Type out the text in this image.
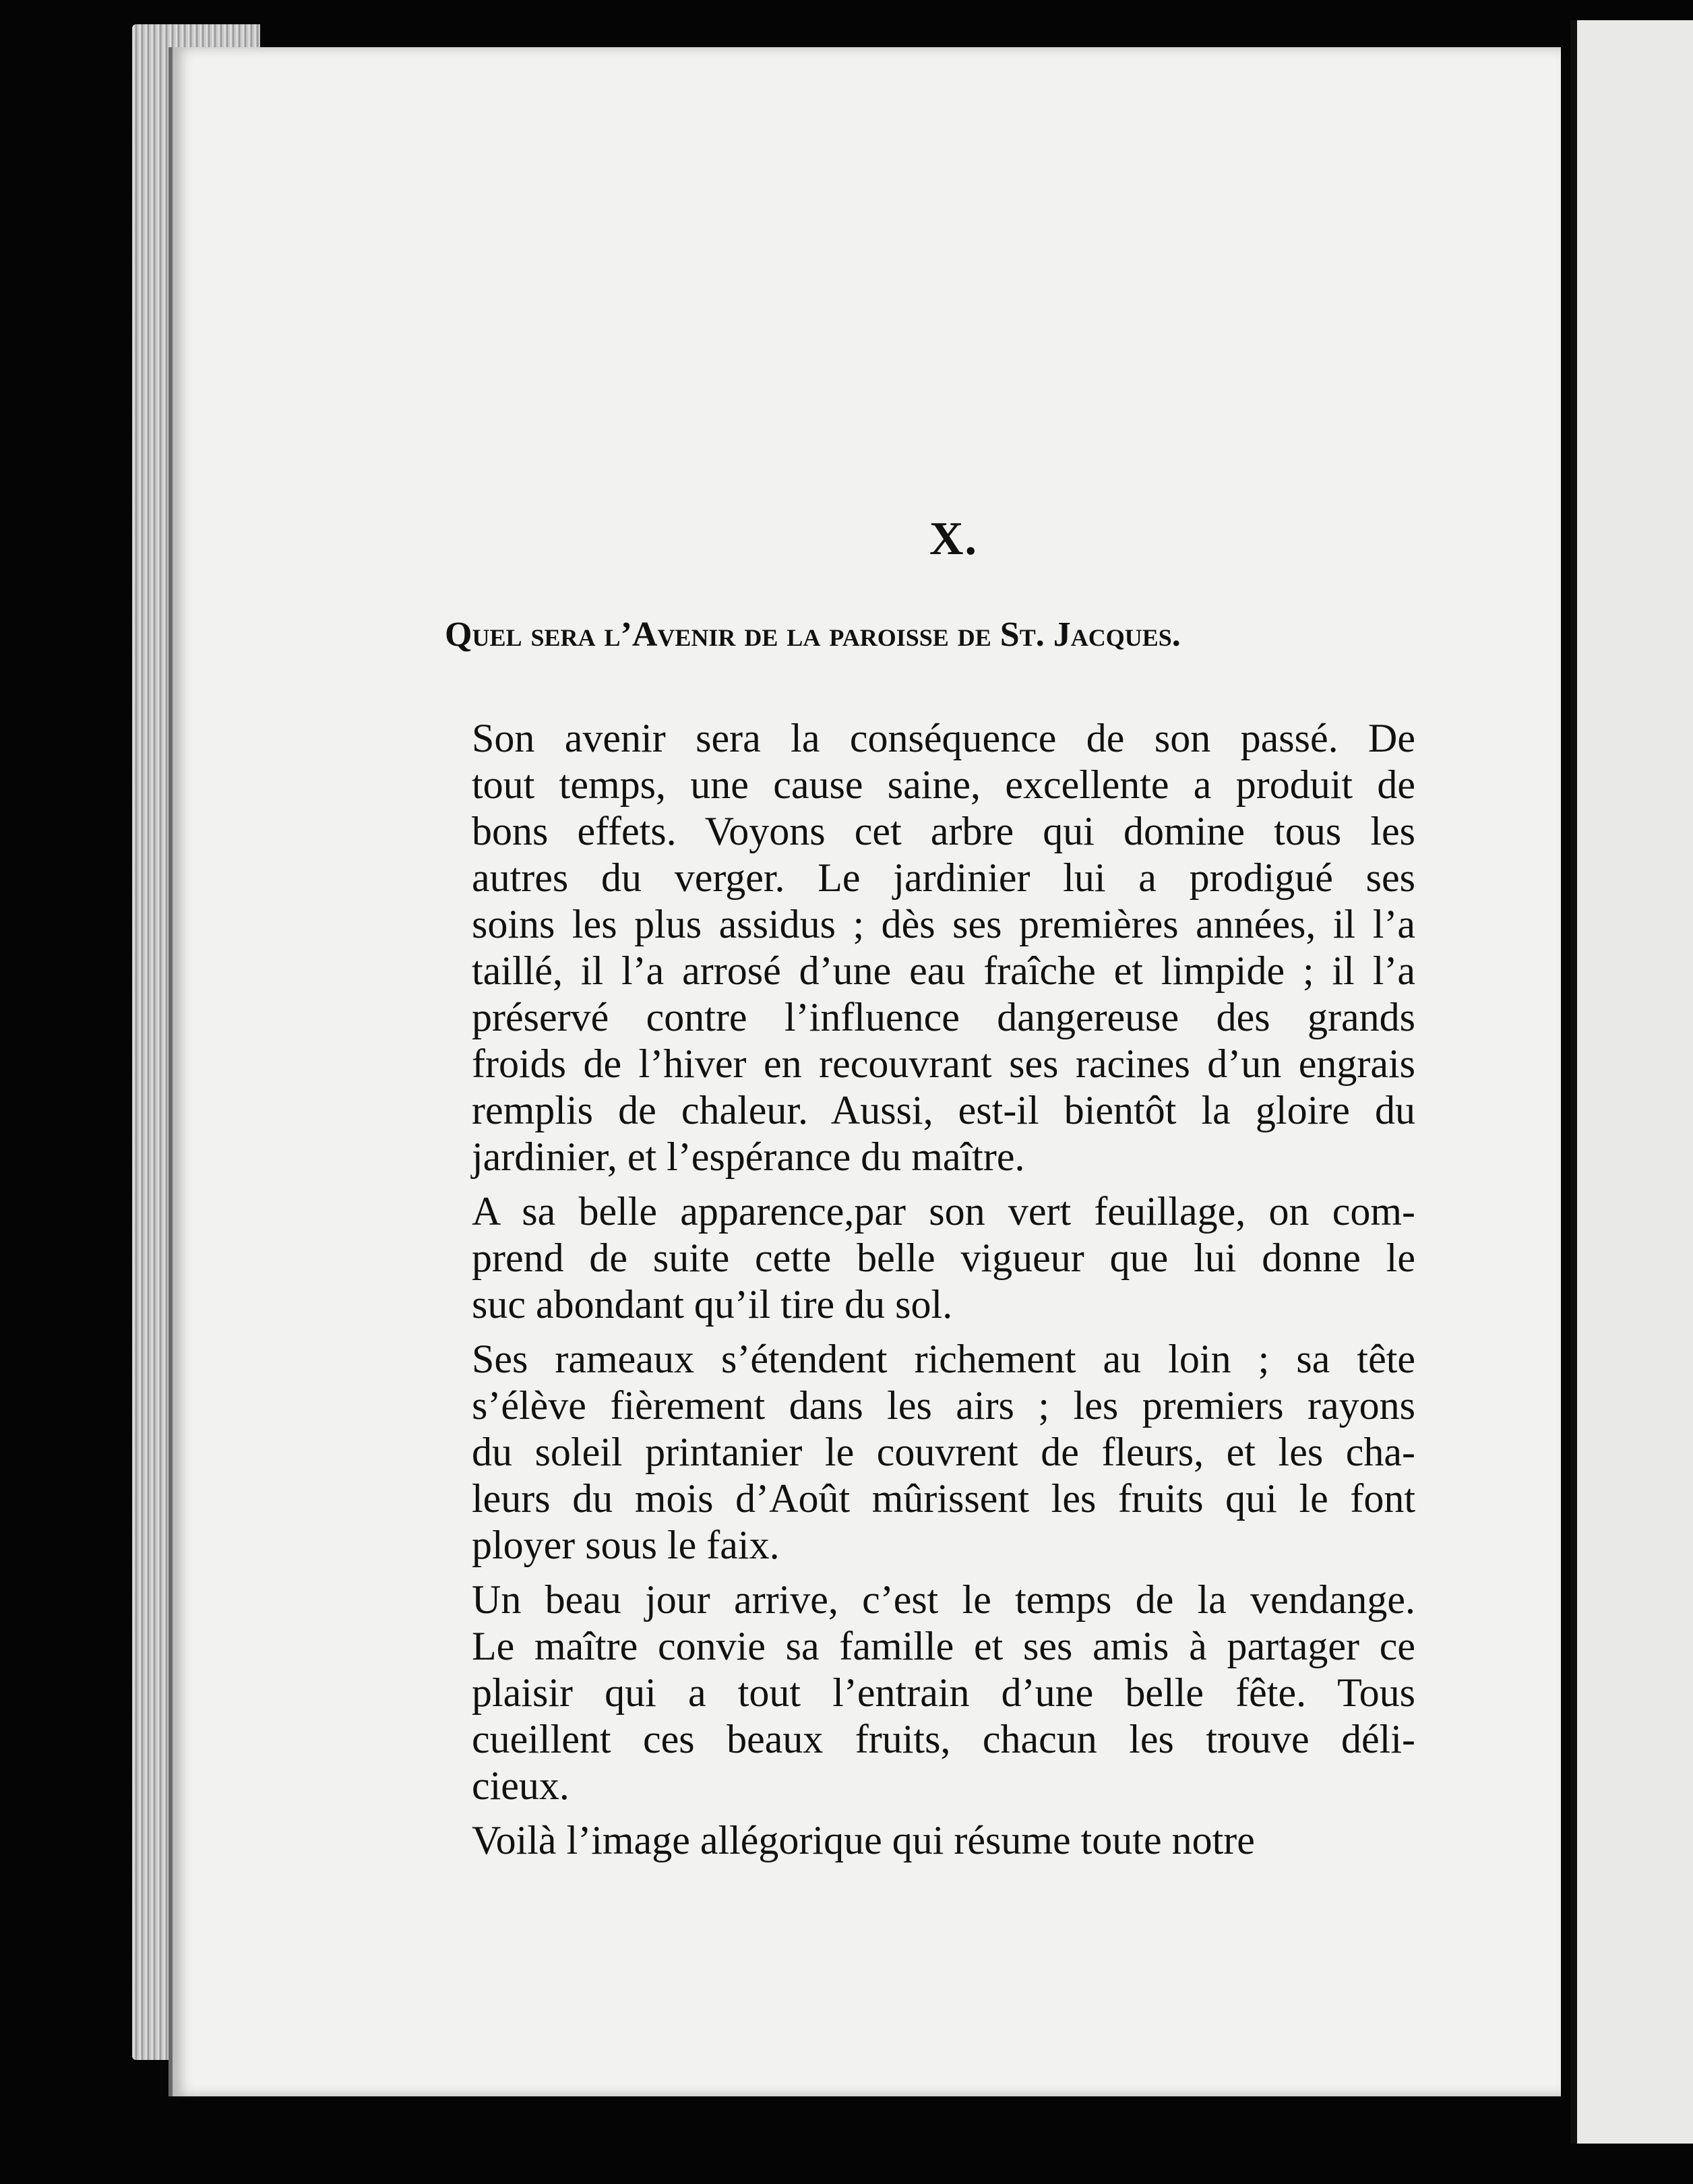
X.
Quel sera l’Avenir de la paroisse de St. Jacques.
Son avenir sera la conséquence de son passé. De
tout temps, une cause saine, excellente a produit de
bons effets. Voyons cet arbre qui domine tous les
autres du verger. Le jardinier lui a prodigué ses
soins les plus assidus ; dès ses premières années, il l’a
taillé, il l’a arrosé d’une eau fraîche et limpide ; il l’a
préservé contre l’influence dangereuse des grands
froids de l’hiver en recouvrant ses racines d’un engrais
remplis de chaleur. Aussi, est-il bientôt la gloire du
jardinier, et l’espérance du maître.
A sa belle apparence,par son vert feuillage, on com-
prend de suite cette belle vigueur que lui donne le
suc abondant qu’il tire du sol.
Ses rameaux s’étendent richement au loin ; sa tête
s’élève fièrement dans les airs ; les premiers rayons
du soleil printanier le couvrent de fleurs, et les cha-
leurs du mois d’Août mûrissent les fruits qui le font
ployer sous le faix.
Un beau jour arrive, c’est le temps de la vendange.
Le maître convie sa famille et ses amis à partager ce
plaisir qui a tout l’entrain d’une belle fête. Tous
cueillent ces beaux fruits, chacun les trouve déli-
cieux.
Voilà l’image allégorique qui résume toute notre
